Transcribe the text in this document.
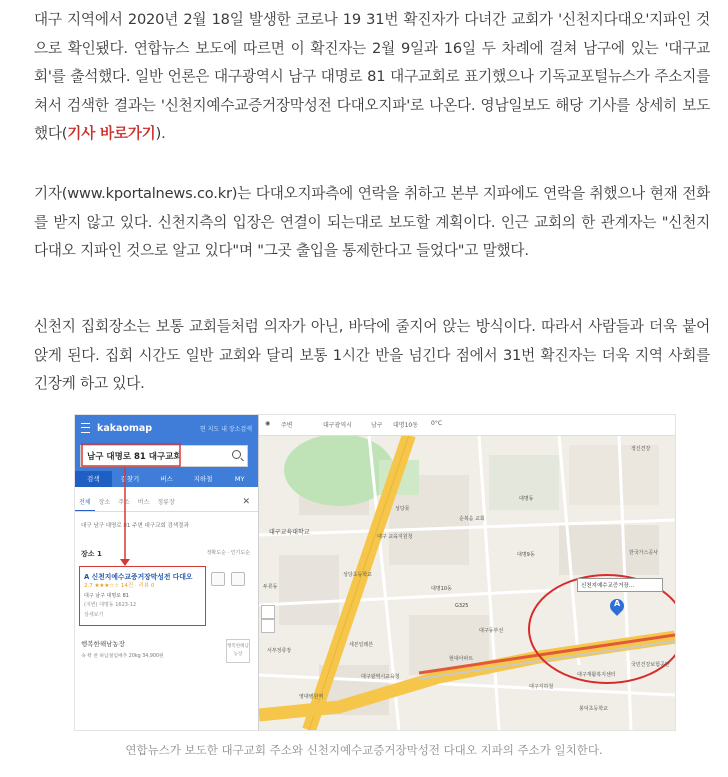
대구 지역에서 2020년 2월 18일 발생한 코로나 19 31번 확진자가 다녀간 교회가 '신천지다대오'지파인 것으로 확인됐다. 연합뉴스 보도에 따르면 이 확진자는 2월 9일과 16일 두 차례에 걸쳐 남구에 있는 '대구교회'를 출석했다. 일반 언론은 대구광역시 남구 대명로 81 대구교회로 표기했으나 기독교포털뉴스가 주소지를 쳐서 검색한 결과는 '신천지예수교증거장막성전 다대오지파'로 나온다. 영남일보도 해당 기사를 상세히 보도했다(기사 바로가기).
기자(www.kportalnews.co.kr)는 다대오지파측에 연락을 취하고 본부 지파에도 연락을 취했으나 현재 전화를 받지 않고 있다. 신천지측의 입장은 연결이 되는대로 보도할 계획이다. 인근 교회의 한 관계자는 "신천지 다대오 지파인 것으로 알고 있다"며 "그곳 출입을 통제한다고 들었다"고 말했다.
신천지 집회장소는 보통 교회들처럼 의자가 아닌, 바닥에 줄지어 앉는 방식이다. 따라서 사람들과 더욱 붙어 앉게 된다. 집회 시간도 일반 교회와 달리 보통 1시간 반을 넘긴다 점에서 31번 확진자는 더욱 지역 사회를 긴장케 하고 있다.
kakaomap	현 지도 내 장소검색
남구 대명로 81 대구교회
검색	길찾기	버스	지하철	MY
전체	장소	주소	버스	정류장	✕
대구 남구 대명로 81 주변 대구교회 검색결과
장소 1	정확도순 · 인기도순
A 신천지예수교증거장막성전 다대오
2.7 ★★★☆☆ 14건 · 리뷰 0
대구 남구 대명로 81
(지번) 대명동 1623-12
상세보기
행복한해남농장
속 꽉 찬 하남절임배추 20kg 34,900원
행복한해남농장
◉ 주변	대구광역시	남구 대명10동 0°C
대구교육대학교
성당못
순복음 교회
대구 교육지원청
두류동
성당초등학교
대명9동
대명10동
대구동부선
세븐일레븐
대구광역시교육청
현대아파트
봉덕초등학교
국민건강보험공단
대구재활복지센터
대구지하철
한국가스공사
정신건강
영대병원역
서부정류장
G325
대명동
신천지예수교증거장...
A
연합뉴스가 보도한 대구교회 주소와 신천지예수교증거장막성전 다대오 지파의 주소가 일치한다.
